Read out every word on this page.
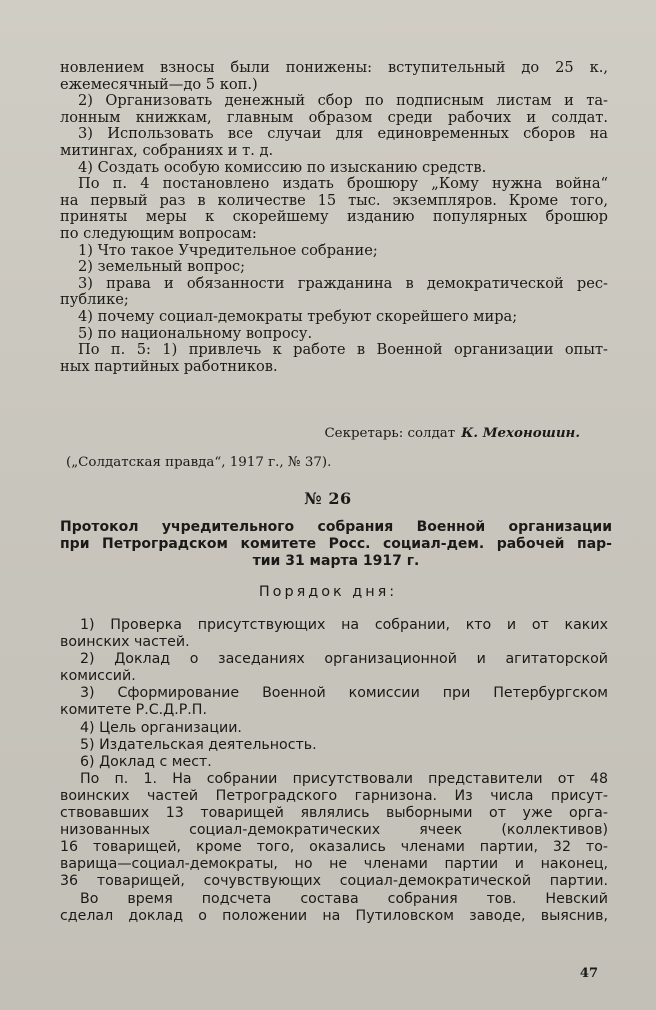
новлением взносы были понижены: вступительный до 25 к.,
ежемесячный—до 5 коп.)
2) Организовать денежный сбор по подписным листам и та-
лонным книжкам, главным образом среди рабочих и солдат.
3) Использовать все случаи для единовременных сборов на
митингах, собраниях и т. д.
4) Создать особую комиссию по изысканию средств.
По п. 4 постановлено издать брошюру „Кому нужна война“
на первый раз в количестве 15 тыс. экземпляров. Кроме того,
приняты меры к скорейшему изданию популярных брошюр
по следующим вопросам:
1) Что такое Учредительное собрание;
2) земельный вопрос;
3) права и обязанности гражданина в демократической рес-
публике;
4) почему социал-демократы требуют скорейшего мира;
5) по национальному вопросу.
По п. 5: 1) привлечь к работе в Военной организации опыт-
ных партийных работников.
Секретарь: солдат К. Мехоношин.
(„Солдатская правда“, 1917 г., № 37).
№ 26
Протокол учредительного собрания Военной организации
при Петроградском комитете Росс. социал-дем. рабочей пар-
тии 31 марта 1917 г.
Порядок дня:
1) Проверка присутствующих на собрании, кто и от каких
воинских частей.
2) Доклад о заседаниях организационной и агитаторской
комиссий.
3) Сформирование Военной комиссии при Петербургском
комитете Р.С.Д.Р.П.
4) Цель организации.
5) Издательская деятельность.
6) Доклад с мест.
По п. 1. На собрании присутствовали представители от 48
воинских частей Петроградского гарнизона. Из числа присут-
ствовавших 13 товарищей являлись выборными от уже орга-
низованных социал-демократических ячеек (коллективов)
16 товарищей, кроме того, оказались членами партии, 32 то-
варища—социал-демократы, но не членами партии и наконец,
36 товарищей, сочувствующих социал-демократической партии.
Во время подсчета состава собрания тов. Невский
сделал доклад о положении на Путиловском заводе, выяснив,
47
